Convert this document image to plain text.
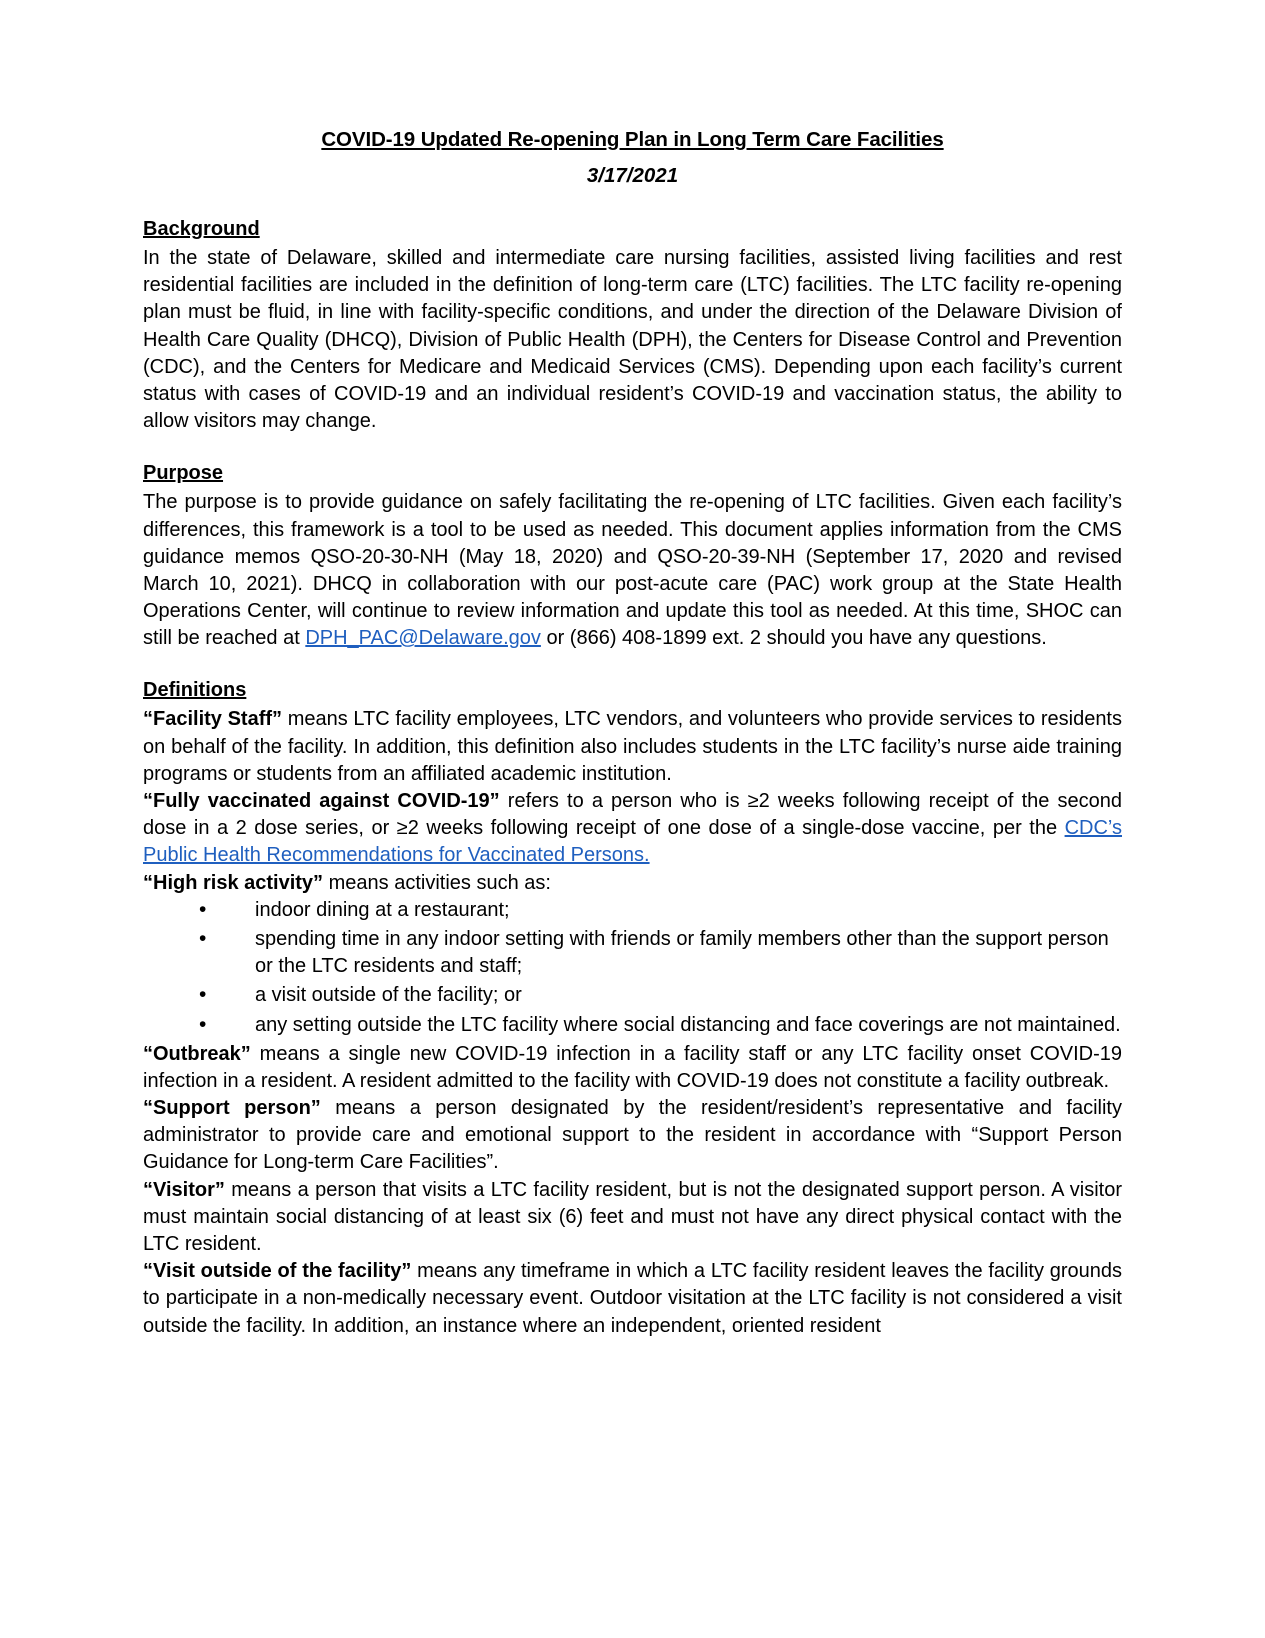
COVID-19 Updated Re-opening Plan in Long Term Care Facilities
3/17/2021
Background

In the state of Delaware, skilled and intermediate care nursing facilities, assisted living facilities and rest residential facilities are included in the definition of long-term care (LTC) facilities. The LTC facility re-opening plan must be fluid, in line with facility-specific conditions, and under the direction of the Delaware Division of Health Care Quality (DHCQ), Division of Public Health (DPH), the Centers for Disease Control and Prevention (CDC), and the Centers for Medicare and Medicaid Services (CMS). Depending upon each facility’s current status with cases of COVID-19 and an individual resident’s COVID-19 and vaccination status, the ability to allow visitors may change.

Purpose

The purpose is to provide guidance on safely facilitating the re-opening of LTC facilities. Given each facility’s differences, this framework is a tool to be used as needed. This document applies information from the CMS guidance memos QSO-20-30-NH (May 18, 2020) and QSO-20-39-NH (September 17, 2020 and revised March 10, 2021). DHCQ in collaboration with our post-acute care (PAC) work group at the State Health Operations Center, will continue to review information and update this tool as needed. At this time, SHOC can still be reached at DPH_PAC@Delaware.gov or (866) 408-1899 ext. 2 should you have any questions.

Definitions

“Facility Staff” means LTC facility employees, LTC vendors, and volunteers who provide services to residents on behalf of the facility. In addition, this definition also includes students in the LTC facility’s nurse aide training programs or students from an affiliated academic institution.

“Fully vaccinated against COVID-19” refers to a person who is ≥2 weeks following receipt of the second dose in a 2 dose series, or ≥2 weeks following receipt of one dose of a single-dose vaccine, per the CDC’s Public Health Recommendations for Vaccinated Persons.

“High risk activity” means activities such as:

• indoor dining at a restaurant;
• spending time in any indoor setting with friends or family members other than the support person or the LTC residents and staff;
• a visit outside of the facility; or
• any setting outside the LTC facility where social distancing and face coverings are not maintained.

“Outbreak” means a single new COVID-19 infection in a facility staff or any LTC facility onset COVID-19 infection in a resident. A resident admitted to the facility with COVID-19 does not constitute a facility outbreak.

“Support person” means a person designated by the resident/resident’s representative and facility administrator to provide care and emotional support to the resident in accordance with “Support Person Guidance for Long-term Care Facilities”.

“Visitor” means a person that visits a LTC facility resident, but is not the designated support person. A visitor must maintain social distancing of at least six (6) feet and must not have any direct physical contact with the LTC resident.

“Visit outside of the facility” means any timeframe in which a LTC facility resident leaves the facility grounds to participate in a non-medically necessary event. Outdoor visitation at the LTC facility is not considered a visit outside the facility. In addition, an instance where an independent, oriented resident
